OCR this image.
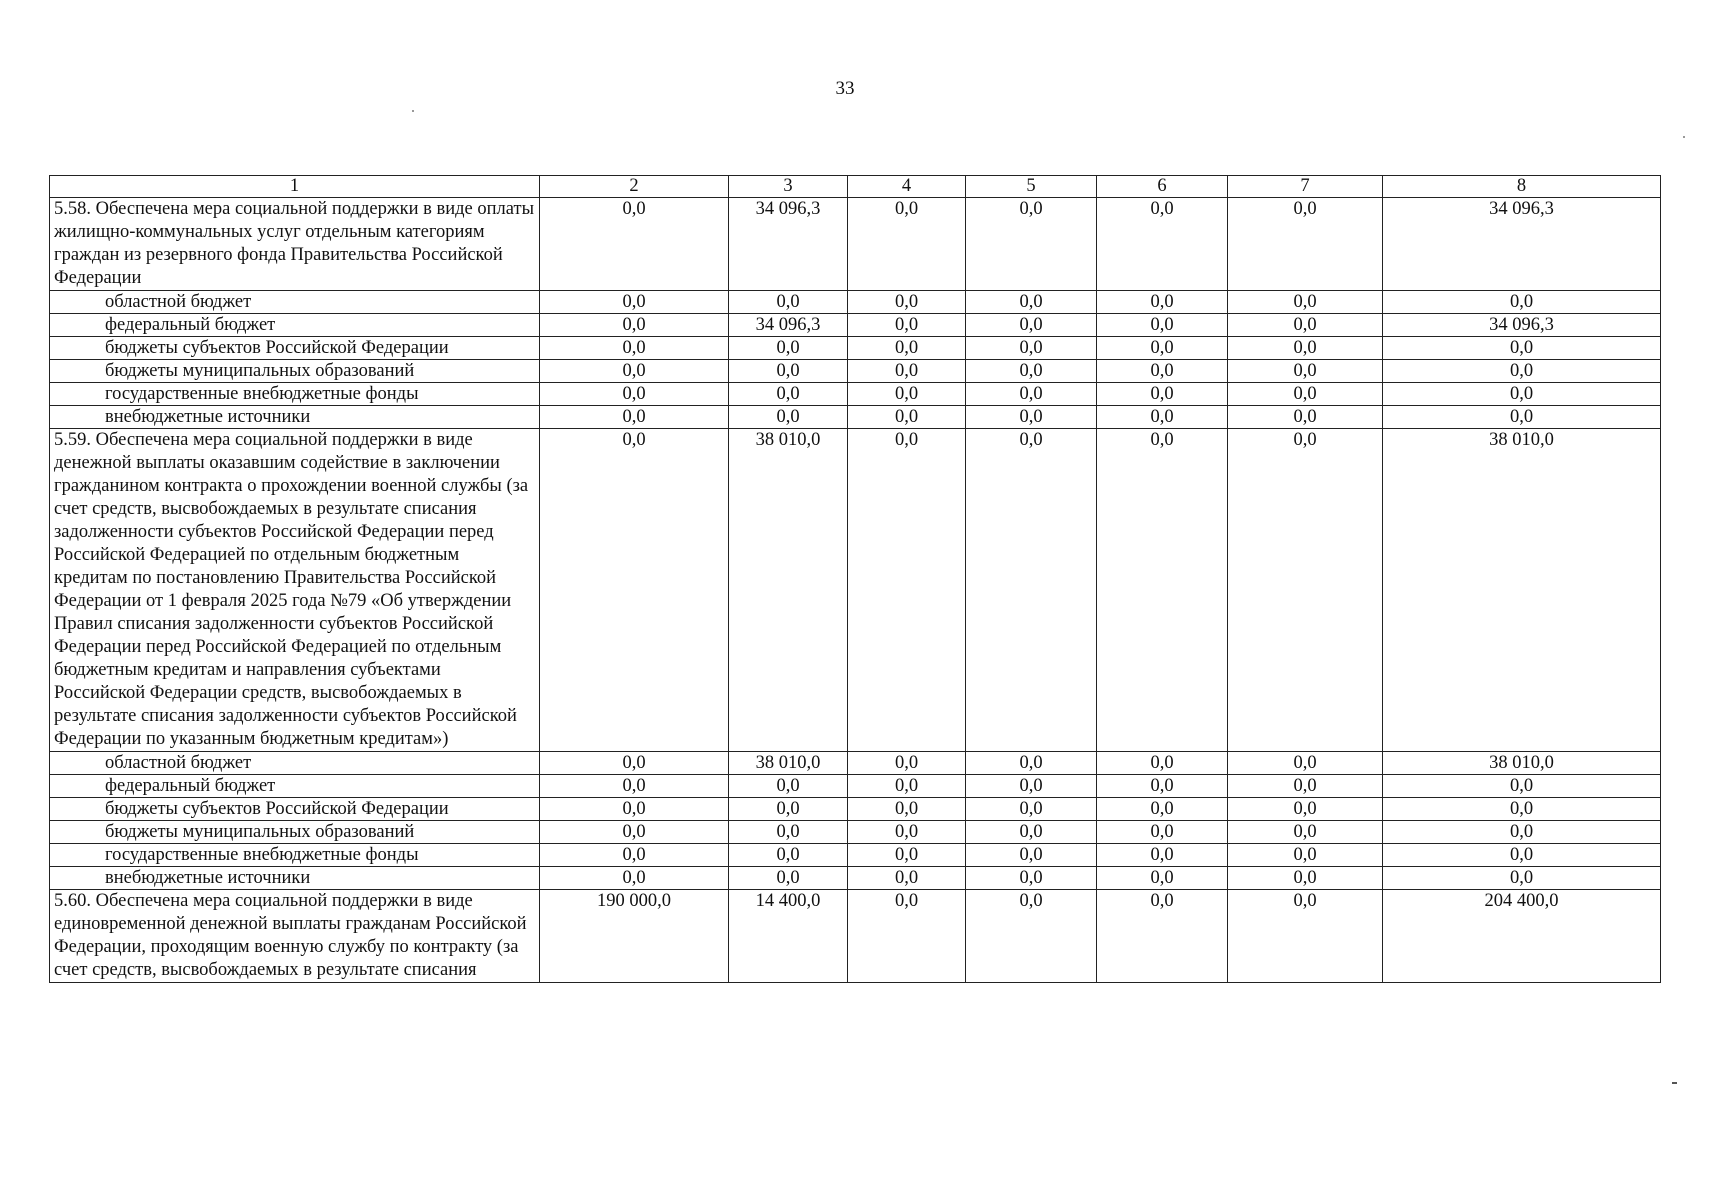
33
1	2	3	4	5	6	7	8
5.58. Обеспечена мера социальной поддержки в виде оплаты жилищно-коммунальных услуг отдельным категориям граждан из резервного фонда Правительства Российской Федерации	0,0	34 096,3	0,0	0,0	0,0	0,0	34 096,3
областной бюджет	0,0	0,0	0,0	0,0	0,0	0,0	0,0
федеральный бюджет	0,0	34 096,3	0,0	0,0	0,0	0,0	34 096,3
бюджеты субъектов Российской Федерации	0,0	0,0	0,0	0,0	0,0	0,0	0,0
бюджеты муниципальных образований	0,0	0,0	0,0	0,0	0,0	0,0	0,0
государственные внебюджетные фонды	0,0	0,0	0,0	0,0	0,0	0,0	0,0
внебюджетные источники	0,0	0,0	0,0	0,0	0,0	0,0	0,0
5.59. Обеспечена мера социальной поддержки в виде денежной выплаты оказавшим содействие в заключении гражданином контракта о прохождении военной службы (за счет средств, высвобождаемых в результате списания задолженности субъектов Российской Федерации перед Российской Федерацией по отдельным бюджетным кредитам по постановлению Правительства Российской Федерации от 1 февраля 2025 года №79 «Об утверждении Правил списания задолженности субъектов Российской Федерации перед Российской Федерацией по отдельным бюджетным кредитам и направления субъектами Российской Федерации средств, высвобождаемых в результате списания задолженности субъектов Российской Федерации по указанным бюджетным кредитам»)	0,0	38 010,0	0,0	0,0	0,0	0,0	38 010,0
областной бюджет	0,0	38 010,0	0,0	0,0	0,0	0,0	38 010,0
федеральный бюджет	0,0	0,0	0,0	0,0	0,0	0,0	0,0
бюджеты субъектов Российской Федерации	0,0	0,0	0,0	0,0	0,0	0,0	0,0
бюджеты муниципальных образований	0,0	0,0	0,0	0,0	0,0	0,0	0,0
государственные внебюджетные фонды	0,0	0,0	0,0	0,0	0,0	0,0	0,0
внебюджетные источники	0,0	0,0	0,0	0,0	0,0	0,0	0,0
5.60. Обеспечена мера социальной поддержки в виде единовременной денежной выплаты гражданам Российской Федерации, проходящим военную службу по контракту (за счет средств, высвобождаемых в результате списания	190 000,0	14 400,0	0,0	0,0	0,0	0,0	204 400,0
